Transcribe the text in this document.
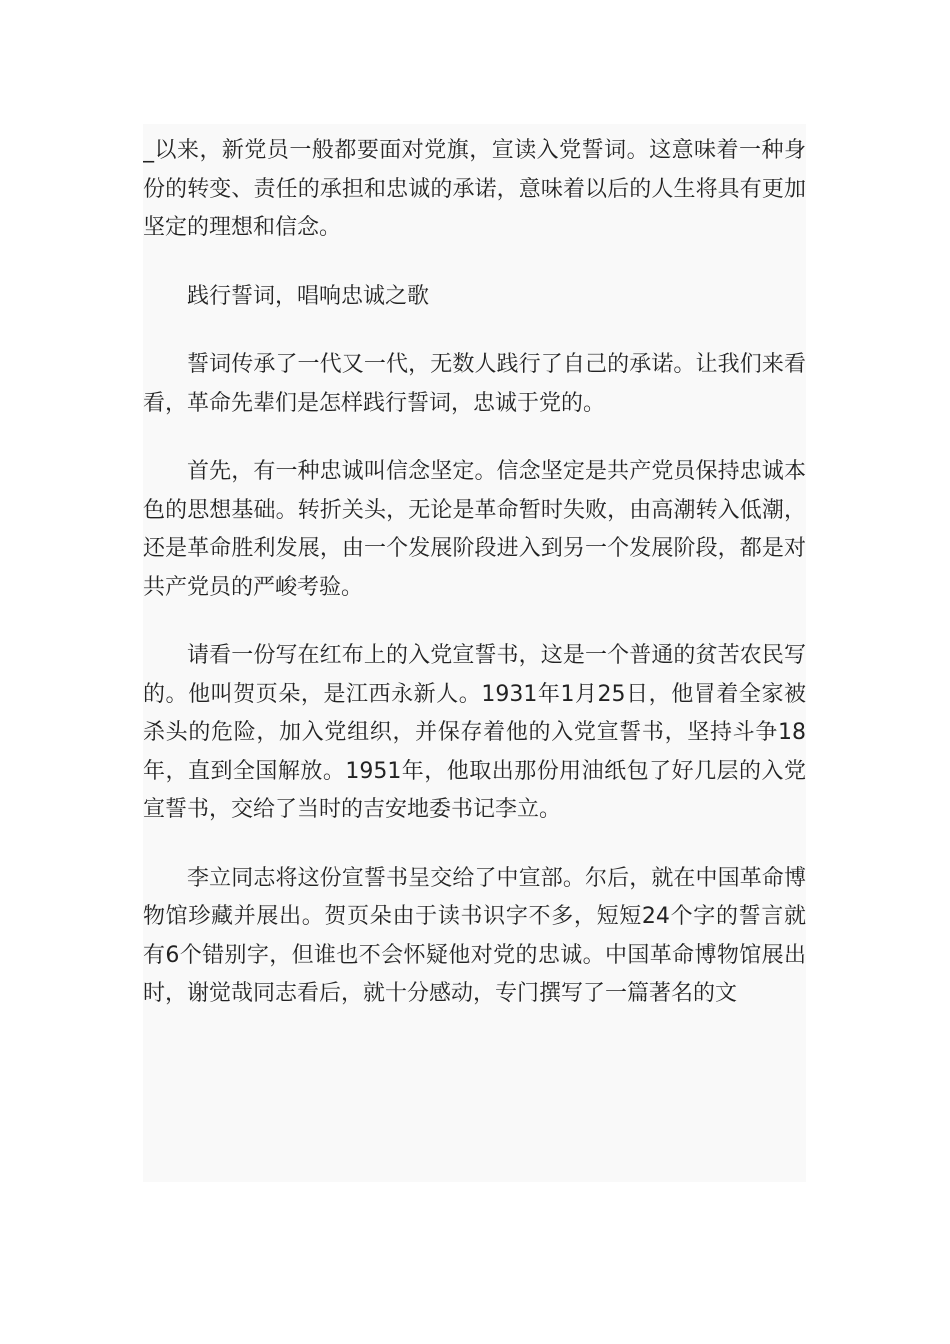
_以来，新党员一般都要面对党旗，宣读入党誓词。这意味着一种身份的转变、责任的承担和忠诚的承诺，意味着以后的人生将具有更加坚定的理想和信念。

践行誓词，唱响忠诚之歌

誓词传承了一代又一代，无数人践行了自己的承诺。让我们来看看，革命先辈们是怎样践行誓词，忠诚于党的。

首先，有一种忠诚叫信念坚定。信念坚定是共产党员保持忠诚本色的思想基础。转折关头，无论是革命暂时失败，由高潮转入低潮，还是革命胜利发展，由一个发展阶段进入到另一个发展阶段，都是对共产党员的严峻考验。

请看一份写在红布上的入党宣誓书，这是一个普通的贫苦农民写的。他叫贺页朵，是江西永新人。1931年1月25日，他冒着全家被杀头的危险，加入党组织，并保存着他的入党宣誓书，坚持斗争18年，直到全国解放。1951年，他取出那份用油纸包了好几层的入党宣誓书，交给了当时的吉安地委书记李立。

李立同志将这份宣誓书呈交给了中宣部。尔后，就在中国革命博物馆珍藏并展出。贺页朵由于读书识字不多，短短24个字的誓言就有6个错别字，但谁也不会怀疑他对党的忠诚。中国革命博物馆展出时，谢觉哉同志看后，就十分感动，专门撰写了一篇著名的文
